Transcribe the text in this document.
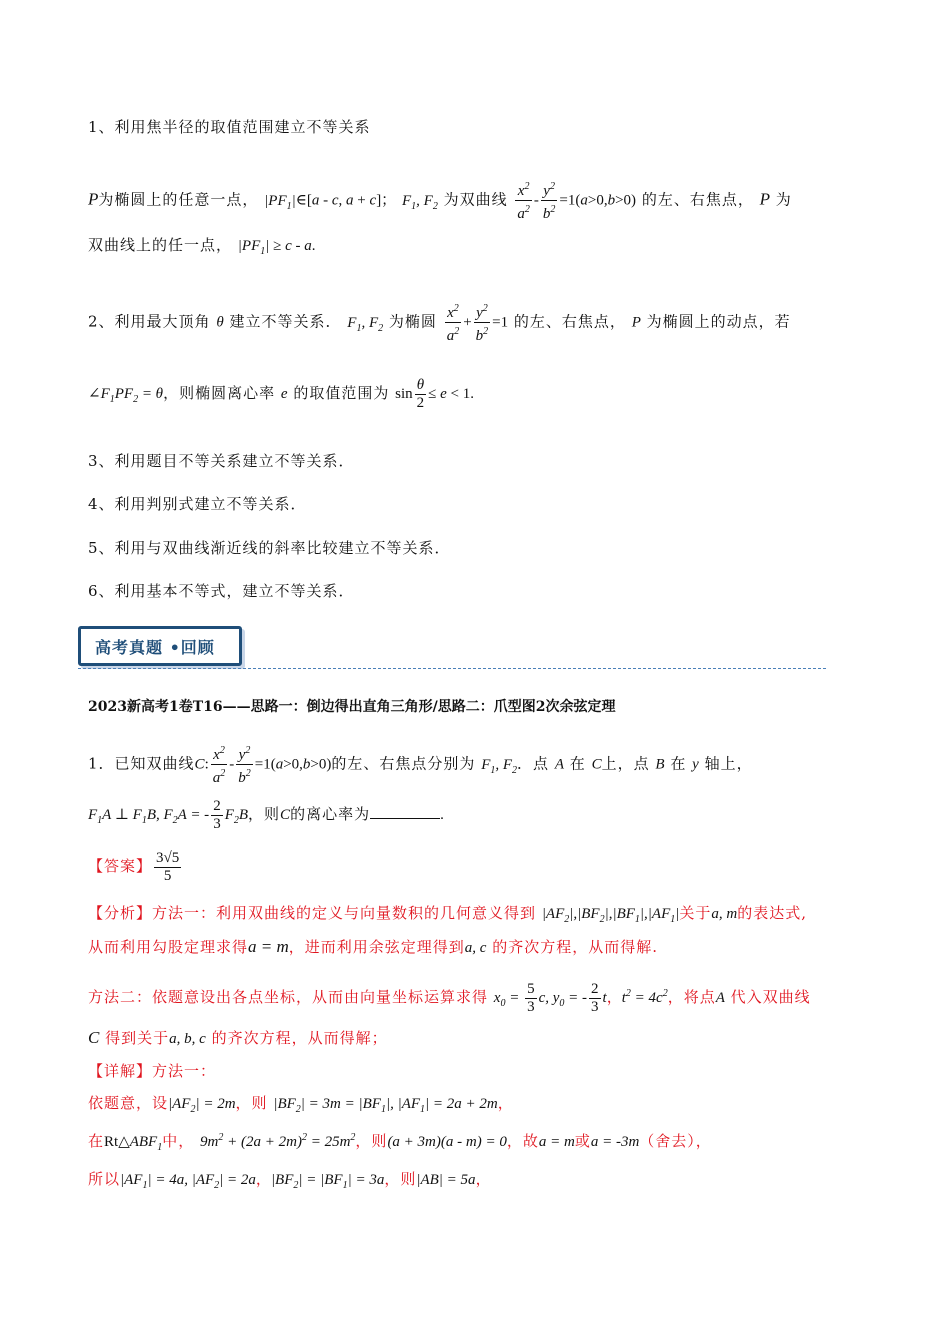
1、利用焦半径的取值范围建立不等关系
P为椭圆上的任意一点， $|PF_1|\in[a$ - c, a + c]； $F_1$, $F_2$ 为双曲线 $\frac{x^2}{a^2} - \frac{y^2}{b^2} =1(a>0,b>0)$ 的左、右焦点， P 为
双曲线上的任一点， $|PF_1| \ge c - a$.
2、利用最大顶角 θ 建立不等关系． $F_1$, $F_2$ 为椭圆 $\frac{x^2}{a^2} + \frac{y^2}{b^2} =1$ 的左、右焦点， P 为椭圆上的动点，若
$\angle F_1PF_2 = \theta$，则椭圆离心率 e 的取值范围为 $\sin \frac{\theta}{2} \le e < 1$.
3、利用题目不等关系建立不等关系．
4、利用判别式建立不等关系．
5、利用与双曲线渐近线的斜率比较建立不等关系．
6、利用基本不等式，建立不等关系．
高考真题 •回顾
2023新高考1卷T16——思路一：倒边得出直角三角形/思路二：爪型图2次余弦定理
1．已知双曲线C: $\frac{x^2}{a^2} - \frac{y^2}{b^2} =1(a>0,b>0)$的左、右焦点分别为 $F_1$, $F_2$．点 A 在 C上，点 B 在 y 轴上，
$F_1A$ ⊥ $F_1B$, $F_2A$ = - $\frac{2}{3} F_2B$，则C的离心率为	.
【答案】 $\frac{3√5}{5}$
【分析】方法一：利用双曲线的定义与向量数积的几何意义得到 $|AF_2|,|BF_2|,|BF_1|,|AF_1|$关于a, m的表达式,
从而利用勾股定理求得a = m，进而利用余弦定理得到a, c 的齐次方程，从而得解.
方法二：依题意设出各点坐标，从而由向量坐标运算求得 $x_0 = \frac{5}{3} c$, $y_0$ = - $\frac{2}{3}$ t，$t^2 = 4c^2$，将点A 代入双曲线
C 得到关于a, b, c 的齐次方程，从而得解；
【详解】方法一：
依题意，设$|AF_2| = 2m$，则 $|BF_2| = 3m = |BF_1|$, $|AF_1| = 2a + 2m$，
在$Rt\triangle ABF_1$中， $9m^2 + (2a + 2m)^2 = 25m^2$，则(a + 3m)(a - m) = 0，故a = m或a = -3m（舍去），
所以$|AF_1| = 4a$, $|AF_2| = 2a$，$|BF_2| = |BF_1| = 3a$，则|AB| = 5a，
